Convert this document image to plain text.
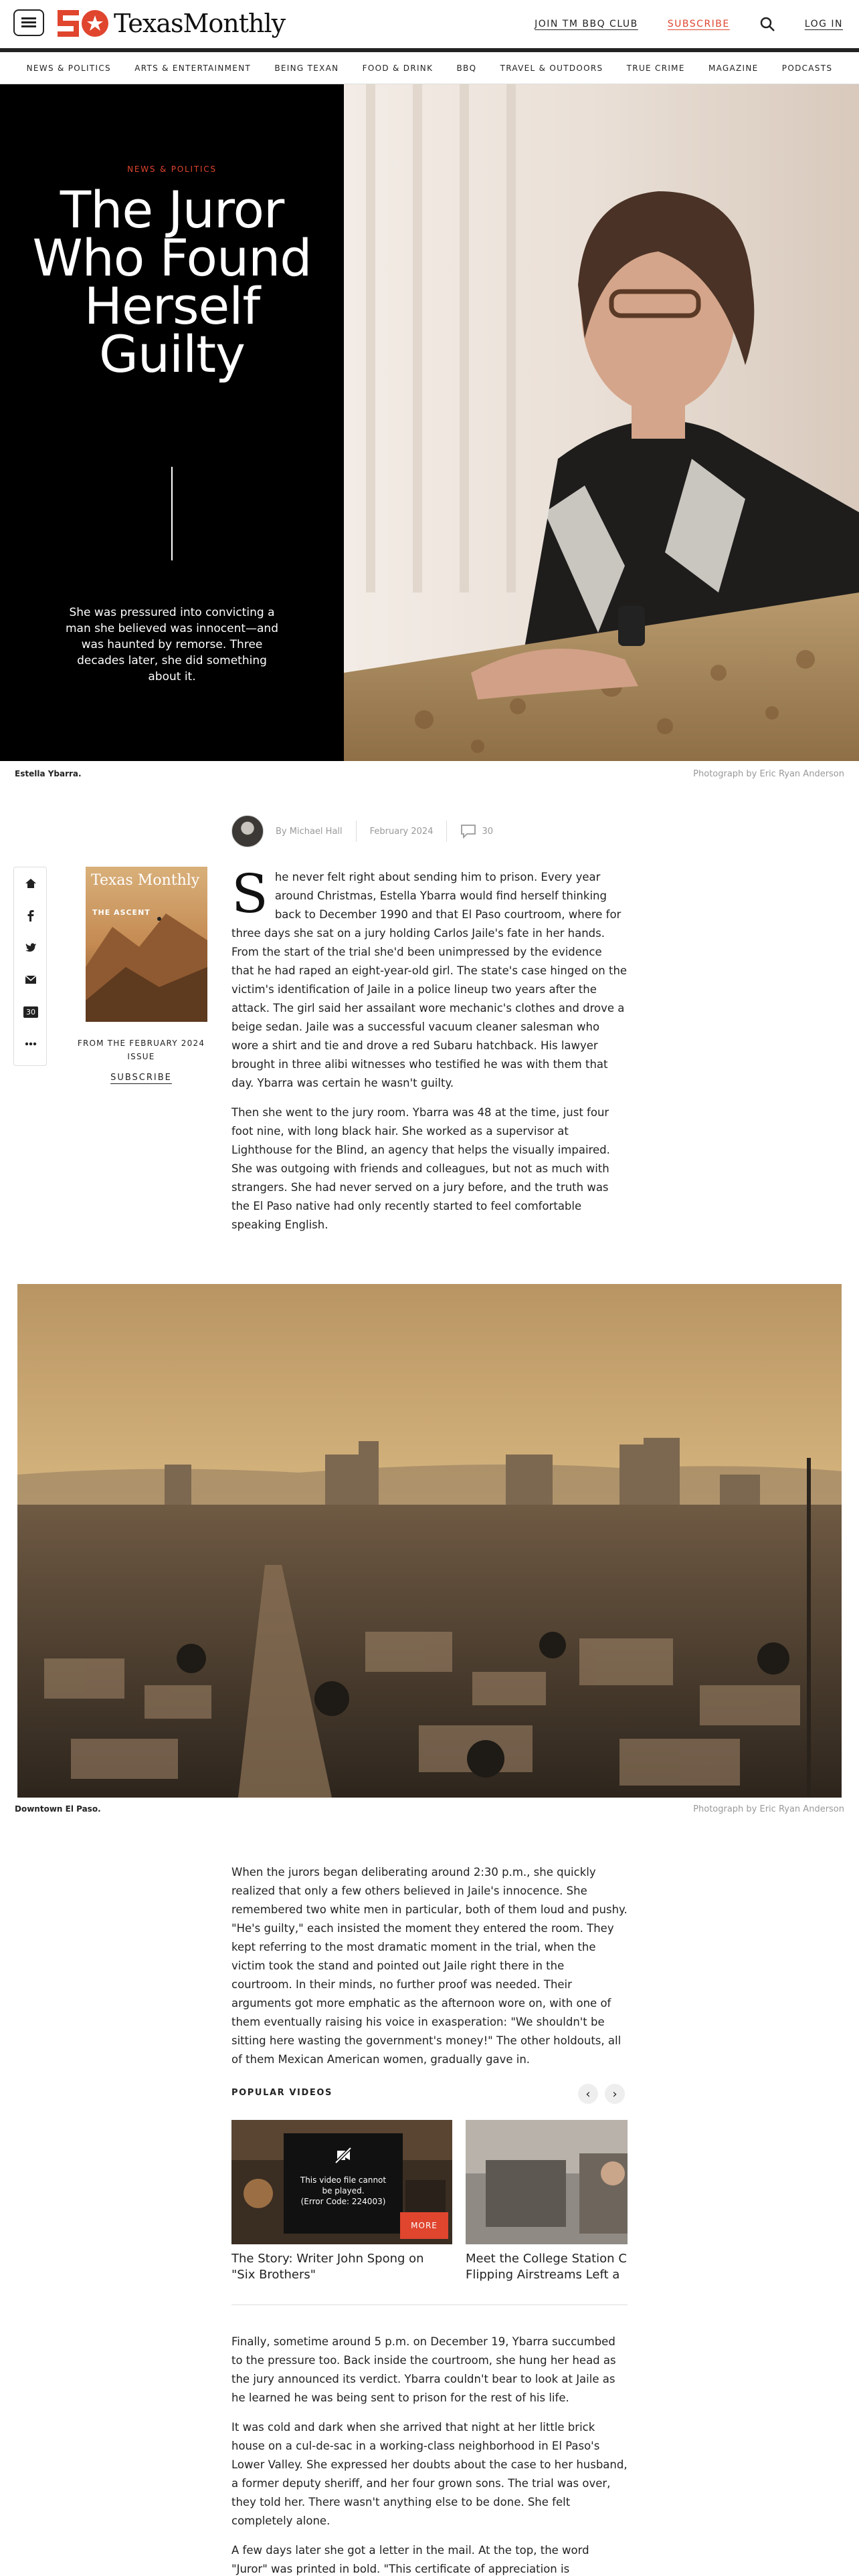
TexasMonthly	JOIN TM BBQ CLUB	SUBSCRIBE	LOG IN
NEWS & POLITICS	ARTS & ENTERTAINMENT	BEING TEXAN	FOOD & DRINK	BBQ	TRAVEL & OUTDOORS	TRUE CRIME	MAGAZINE	PODCASTS
NEWS & POLITICS
The Juror Who Found Herself Guilty
She was pressured into convicting a man she believed was innocent—and was haunted by remorse. Three decades later, she did something about it.
Estella Ybarra.	Photograph by Eric Ryan Anderson
By Michael Hall	February 2024	30
30
Texas Monthly
THE ASCENT
FROM THE FEBRUARY 2024 ISSUE
SUBSCRIBE

She never felt right about sending him to prison. Every year around Christmas, Estella Ybarra would find herself thinking back to December 1990 and that El Paso courtroom, where for three days she sat on a jury holding Carlos Jaile's fate in her hands. From the start of the trial she'd been unimpressed by the evidence that he had raped an eight-year-old girl. The state's case hinged on the victim's identification of Jaile in a police lineup two years after the attack. The girl said her assailant wore mechanic's clothes and drove a beige sedan. Jaile was a successful vacuum cleaner salesman who wore a shirt and tie and drove a red Subaru hatchback. His lawyer brought in three alibi witnesses who testified he was with them that day. Ybarra was certain he wasn't guilty.

Then she went to the jury room. Ybarra was 48 at the time, just four foot nine, with long black hair. She worked as a supervisor at Lighthouse for the Blind, an agency that helps the visually impaired. She was outgoing with friends and colleagues, but not as much with strangers. She had never served on a jury before, and the truth was the El Paso native had only recently started to feel comfortable speaking English.

Downtown El Paso.	Photograph by Eric Ryan Anderson

When the jurors began deliberating around 2:30 p.m., she quickly realized that only a few others believed in Jaile's innocence. She remembered two white men in particular, both of them loud and pushy. "He's guilty," each insisted the moment they entered the room. They kept referring to the most dramatic moment in the trial, when the victim took the stand and pointed out Jaile right there in the courtroom. In their minds, no further proof was needed. Their arguments got more emphatic as the afternoon wore on, with one of them eventually raising his voice in exasperation: "We shouldn't be sitting here wasting the government's money!" The other holdouts, all of them Mexican American women, gradually gave in.

POPULAR VIDEOS	‹	›
This video file cannot be played.
(Error Code: 224003)
MORE
The Story: Writer John Spong on
"Six Brothers"
Meet the College Station C
Flipping Airstreams Left a

Finally, sometime around 5 p.m. on December 19, Ybarra succumbed to the pressure too. Back inside the courtroom, she hung her head as the jury announced its verdict. Ybarra couldn't bear to look at Jaile as he learned he was being sent to prison for the rest of his life.

It was cold and dark when she arrived that night at her little brick house on a cul-de-sac in a working-class neighborhood in El Paso's Lower Valley. She expressed her doubts about the case to her husband, a former deputy sheriff, and her four grown sons. The trial was over, they told her. There wasn't anything else to be done. She felt completely alone.

A few days later she got a letter in the mail. At the top, the word "Juror" was printed in bold. "This certificate of appreciation is
